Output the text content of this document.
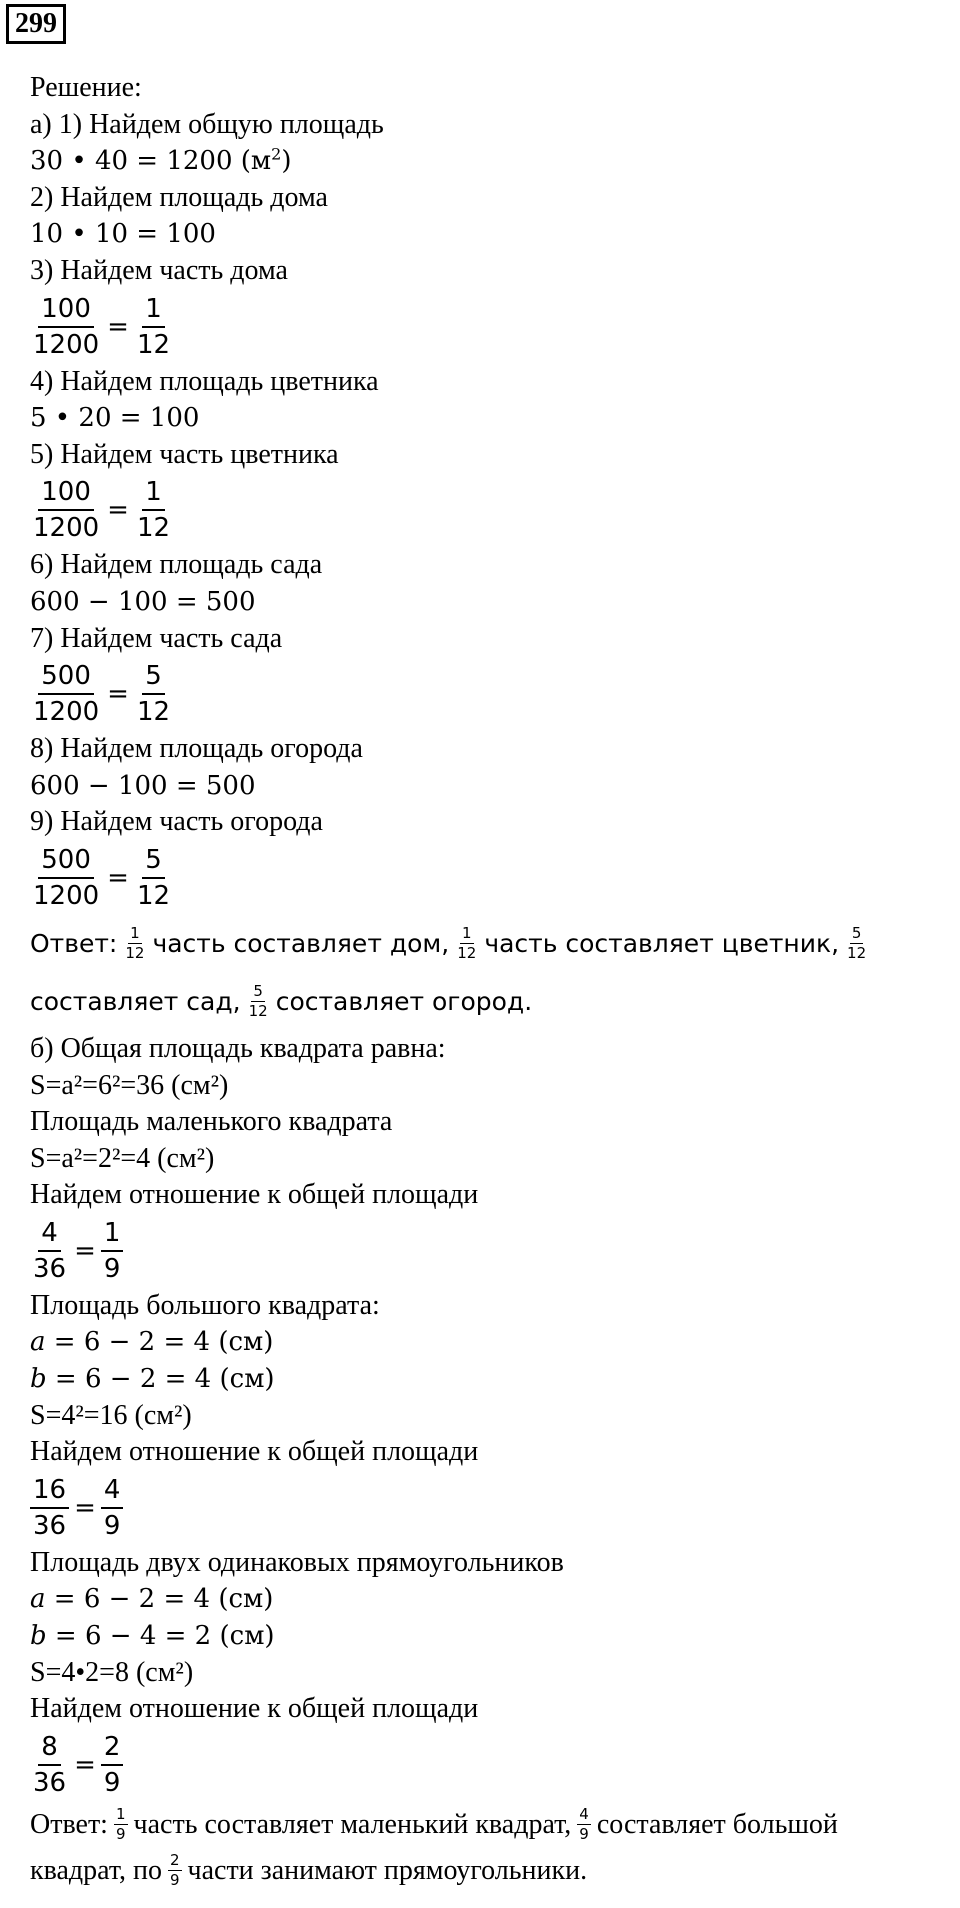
299
Решение:
а) 1) Найдем общую площадь
30 • 40 = 1200 $(м^2)$
2) Найдем площадь дома
10 • 10 = 100
3) Найдем часть дома
$\frac{100}{1200} = \frac{1}{12}$
4) Найдем площадь цветника
5 • 20 = 100
5) Найдем часть цветника
$\frac{100}{1200} = \frac{1}{12}$
6) Найдем площадь сада
600 − 100 = 500
7) Найдем часть сада
$\frac{500}{1200} = \frac{5}{12}$
8) Найдем площадь огорода
600 − 100 = 500
9) Найдем часть огорода
$\frac{500}{1200} = \frac{5}{12}$
Ответ: $\frac{1}{12}$ часть составляет дом, $\frac{1}{12}$ часть составляет цветник, $\frac{5}{12}$
составляет сад, $\frac{5}{12}$ составляет огород.
б) Общая площадь квадрата равна:
S=a²=6²=36 (см²)
Площадь маленького квадрата
S=a²=2²=4 (см²)
Найдем отношение к общей площади
$\frac{4}{36} = \frac{1}{9}$
Площадь большого квадрата:
a = 6 − 2 = 4 (см)
b = 6 − 2 = 4 (см)
S=4²=16 (см²)
Найдем отношение к общей площади
$\frac{16}{36} = \frac{4}{9}$
Площадь двух одинаковых прямоугольников
a = 6 − 2 = 4 (см)
b = 6 − 4 = 2 (см)
S=4•2=8 (см²)
Найдем отношение к общей площади
$\frac{8}{36} = \frac{2}{9}$
Ответ: $\frac{1}{9}$ часть составляет маленький квадрат, $\frac{4}{9}$ составляет большой
квадрат, по $\frac{2}{9}$ части занимают прямоугольники.
